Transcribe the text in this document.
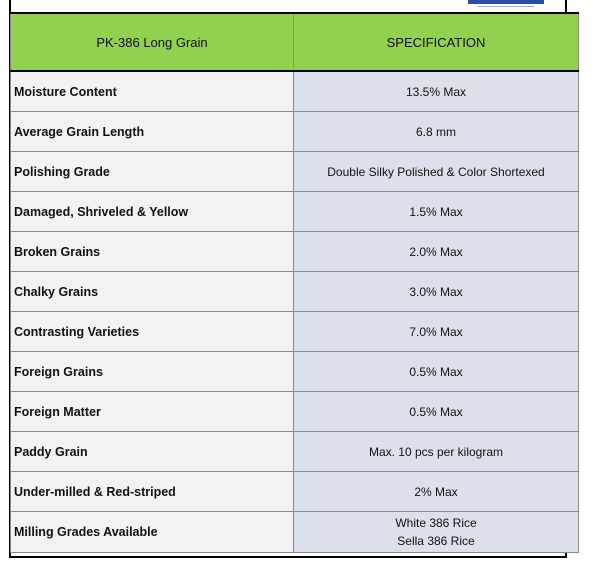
PK-386 Long Grain	SPECIFICATION
Moisture Content	13.5% Max
Average Grain Length	6.8 mm
Polishing Grade	Double Silky Polished & Color Shortexed
Damaged, Shriveled & Yellow	1.5% Max
Broken Grains	2.0% Max
Chalky Grains	3.0% Max
Contrasting Varieties	7.0% Max
Foreign Grains	0.5% Max
Foreign Matter	0.5% Max
Paddy Grain	Max. 10 pcs per kilogram
Under-milled & Red-striped	2% Max
Milling Grades Available	White 386 Rice
Sella 386 Rice
